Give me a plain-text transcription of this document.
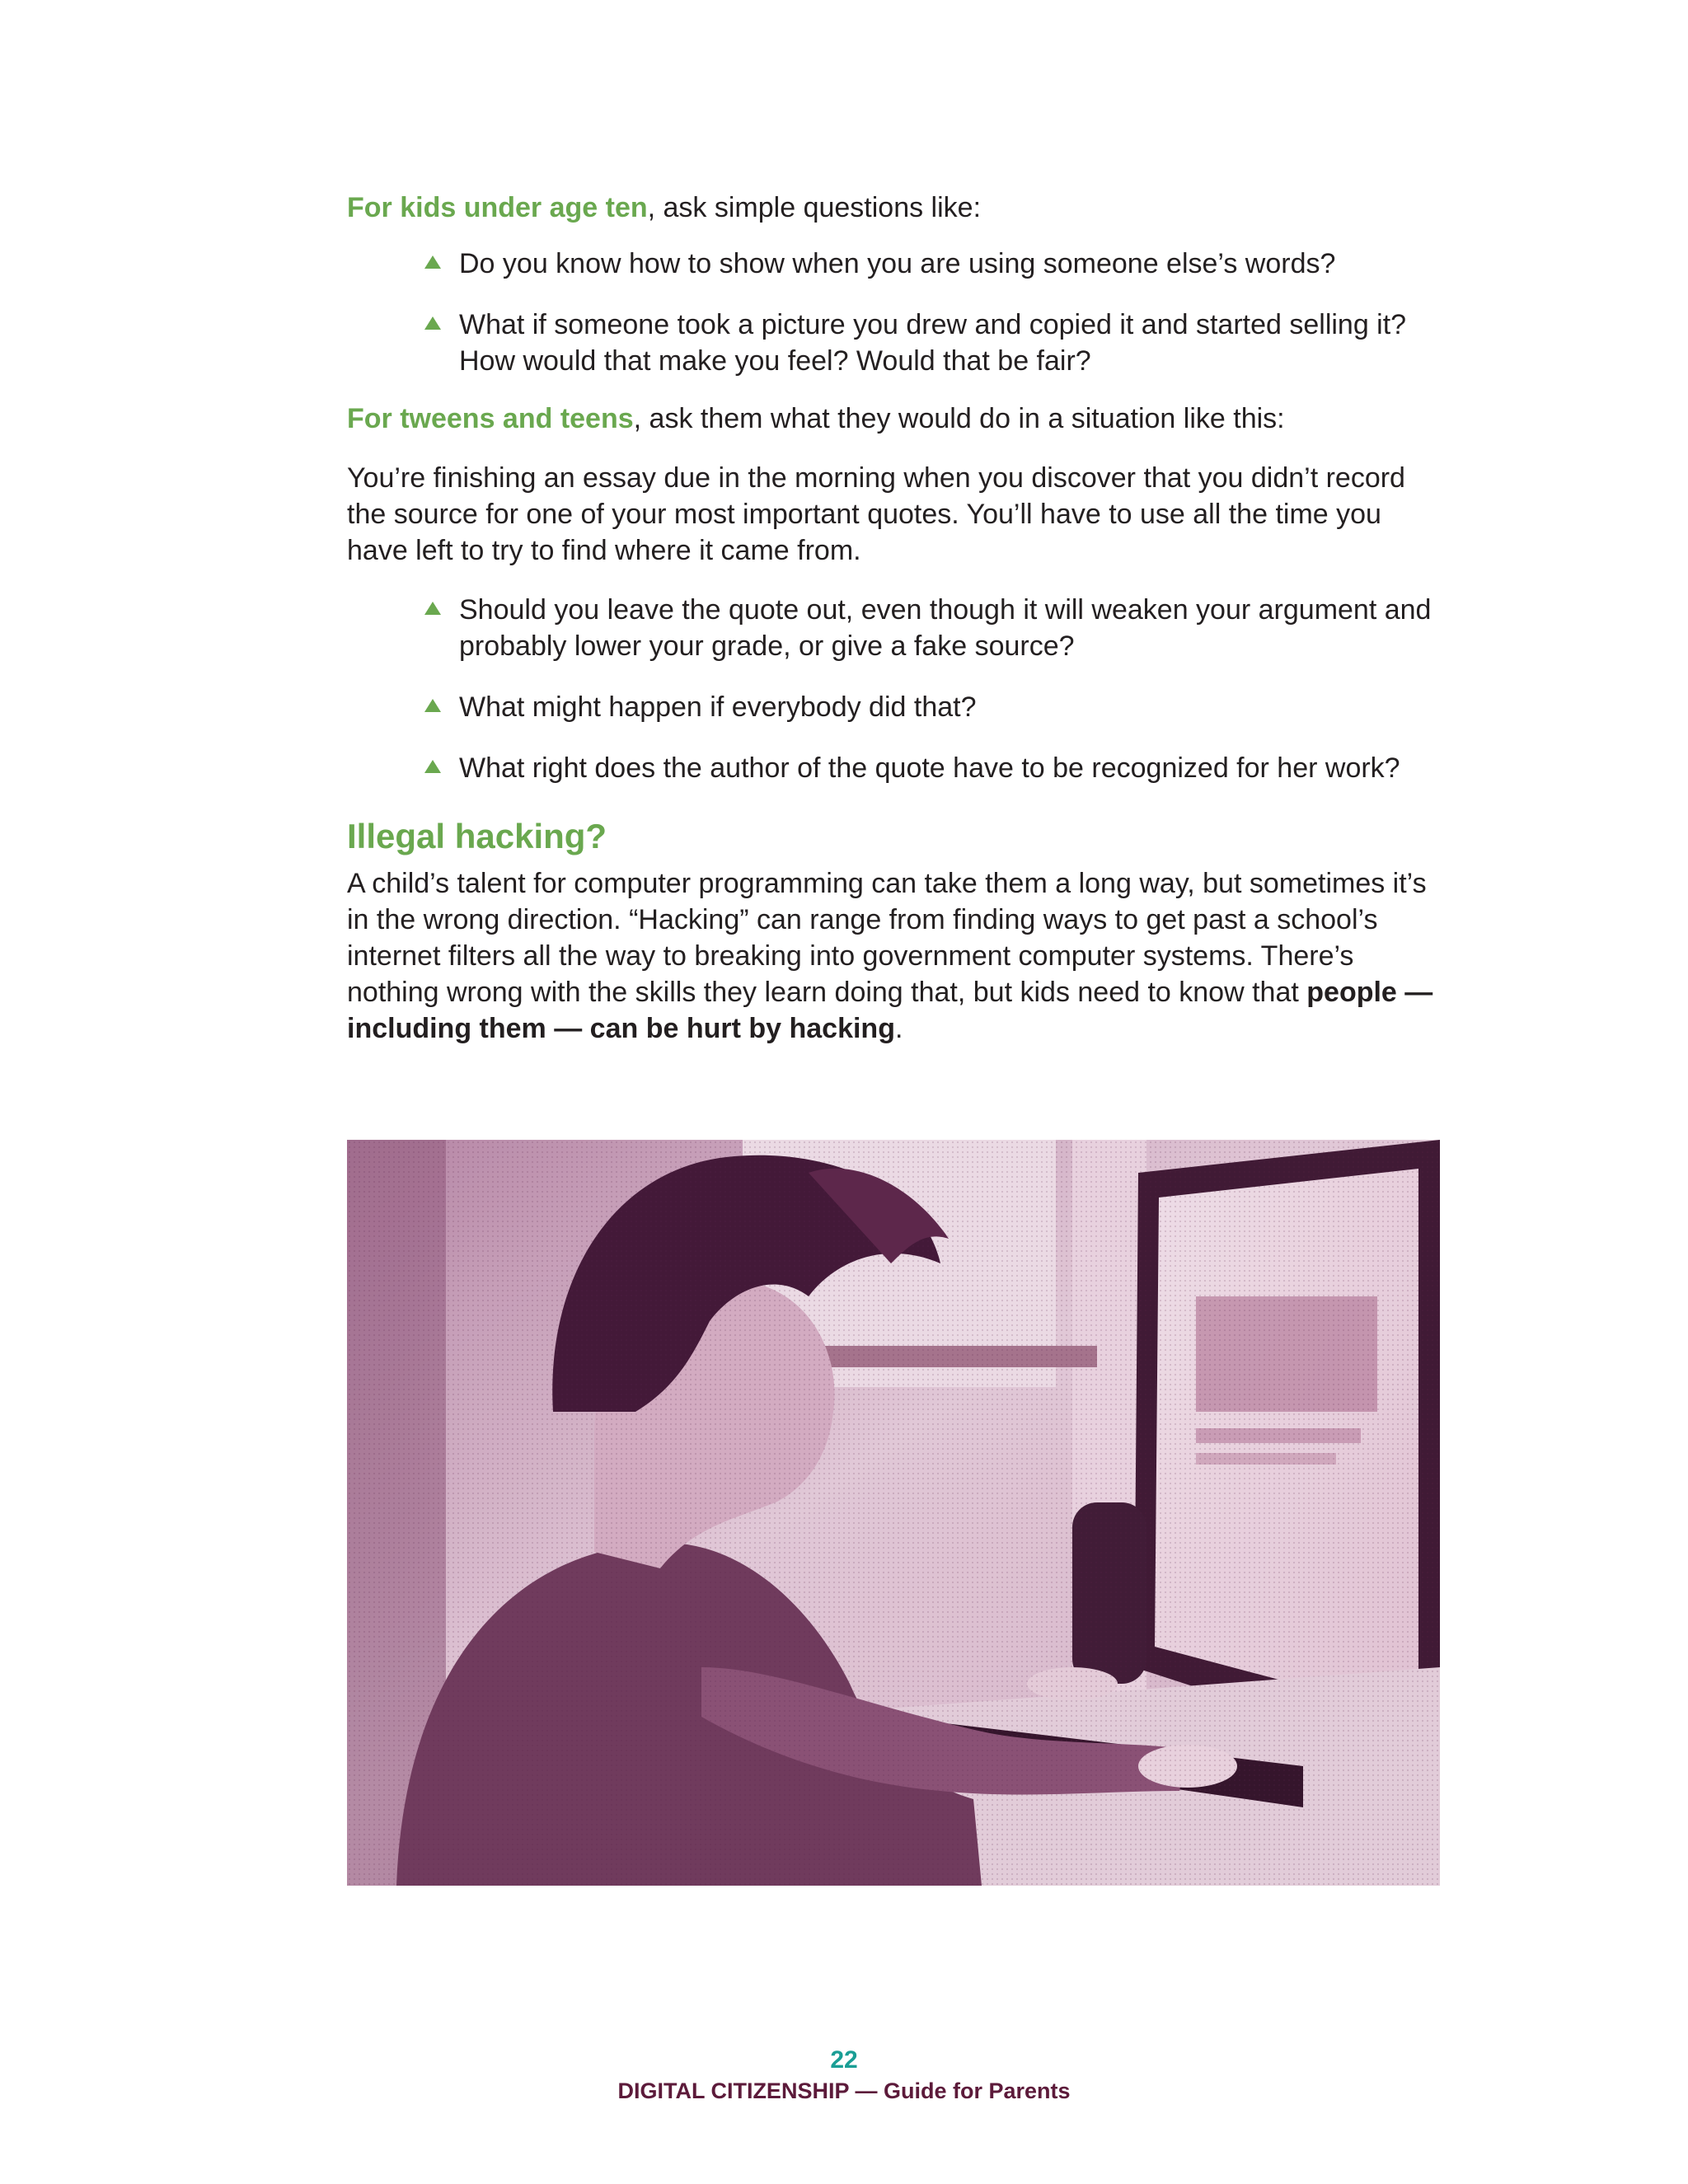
For kids under age ten, ask simple questions like:

Do you know how to show when you are using someone else’s words?
What if someone took a picture you drew and copied it and started selling it? How would that make you feel? Would that be fair?

For tweens and teens, ask them what they would do in a situation like this:

You’re finishing an essay due in the morning when you discover that you didn’t record the source for one of your most important quotes. You’ll have to use all the time you have left to try to find where it came from.

Should you leave the quote out, even though it will weaken your argument and probably lower your grade, or give a fake source?
What might happen if everybody did that?
What right does the author of the quote have to be recognized for her work?
Illegal hacking?

A child’s talent for computer programming can take them a long way, but sometimes it’s in the wrong direction. “Hacking” can range from finding ways to get past a school’s internet filters all the way to breaking into government computer systems. There’s nothing wrong with the skills they learn doing that, but kids need to know that people — including them — can be hurt by hacking.

22
DIGITAL CITIZENSHIP — Guide for Parents
